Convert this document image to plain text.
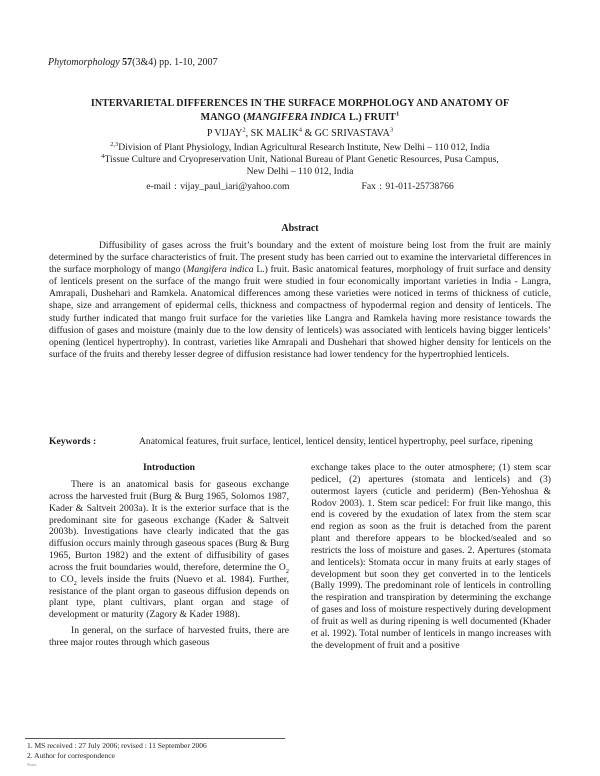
Phytomorphology 57(3&4) pp. 1-10, 2007
INTERVARIETAL DIFFERENCES IN THE SURFACE MORPHOLOGY AND ANATOMY OF
MANGO (MANGIFERA INDICA L.) FRUIT$^1$
P VIJAY$^2$, SK MALIK$^4$ & GC SRIVASTAVA$^3$
$^{2,3}$Division of Plant Physiology, Indian Agricultural Research Institute, New Delhi – 110 012, India
$^4$Tissue Culture and Cryopreservation Unit, National Bureau of Plant Genetic Resources, Pusa Campus,
New Delhi – 110 012, India
e-mail : vijay_paul_iari@yahoo.com	Fax : 91-011-25738766
Abstract

Diffusibility of gases across the fruit’s boundary and the extent of moisture being lost from the fruit are mainly determined by the surface characteristics of fruit. The present study has been carried out to examine the intervarietal differences in the surface morphology of mango (Mangifera indica L.) fruit. Basic anatomical features, morphology of fruit surface and density of lenticels present on the surface of the mango fruit were studied in four economically important varieties in India - Langra, Amrapali, Dushehari and Ramkela. Anatomical differences among these varieties were noticed in terms of thickness of cuticle, shape, size and arrangement of epidermal cells, thickness and compactness of hypodermal region and density of lenticels. The study further indicated that mango fruit surface for the varieties like Langra and Ramkela having more resistance towards the diffusion of gases and moisture (mainly due to the low density of lenticels) was associated with lenticels having bigger lenticels’ opening (lenticel hypertrophy). In contrast, varieties like Amrapali and Dushehari that showed higher density for lenticels on the surface of the fruits and thereby lesser degree of diffusion resistance had lower tendency for the hypertrophied lenticels.

Keywords :	Anatomical features, fruit surface, lenticel, lenticel density, lenticel hypertrophy, peel surface, ripening
Introduction

There is an anatomical basis for gaseous exchange across the harvested fruit (Burg & Burg 1965, Solomos 1987, Kader & Saltveit 2003a). It is the exterior surface that is the predominant site for gaseous exchange (Kader & Saltveit 2003b). Investigations have clearly indicated that the gas diffusion occurs mainly through gaseous spaces (Burg & Burg 1965, Burton 1982) and the extent of diffusibility of gases across the fruit boundaries would, therefore, determine the $O_2$ to $CO_2$ levels inside the fruits (Nuevo et al. 1984). Further, resistance of the plant organ to gaseous diffusion depends on plant type, plant cultivars, plant organ and stage of development or maturity (Zagory & Kader 1988).

In general, on the surface of harvested fruits, there are three major routes through which gaseous

exchange takes place to the outer atmosphere; (1) stem scar pedicel, (2) apertures (stomata and lenticels) and (3) outermost layers (cuticle and periderm) (Ben-Yehoshua & Rodov 2003). 1. Stem scar pedicel: For fruit like mango, this end is covered by the exudation of latex from the stem scar end region as soon as the fruit is detached from the parent plant and therefore appears to be blocked/sealed and so restricts the loss of moisture and gases. 2. Apertures (stomata and lenticels): Stomata occur in many fruits at early stages of development but soon they get converted in to the lenticels (Bally 1999). The predominant role of lenticels in controlling the respiration and transpiration by determining the exchange of gases and loss of moisture respectively during development of fruit as well as during ripening is well documented (Khader et al. 1992). Total number of lenticels in mango increases with the development of fruit and a positive

1. MS received : 27 July 2006; revised : 11 September 2006
2. Author for correspondence
Notes
